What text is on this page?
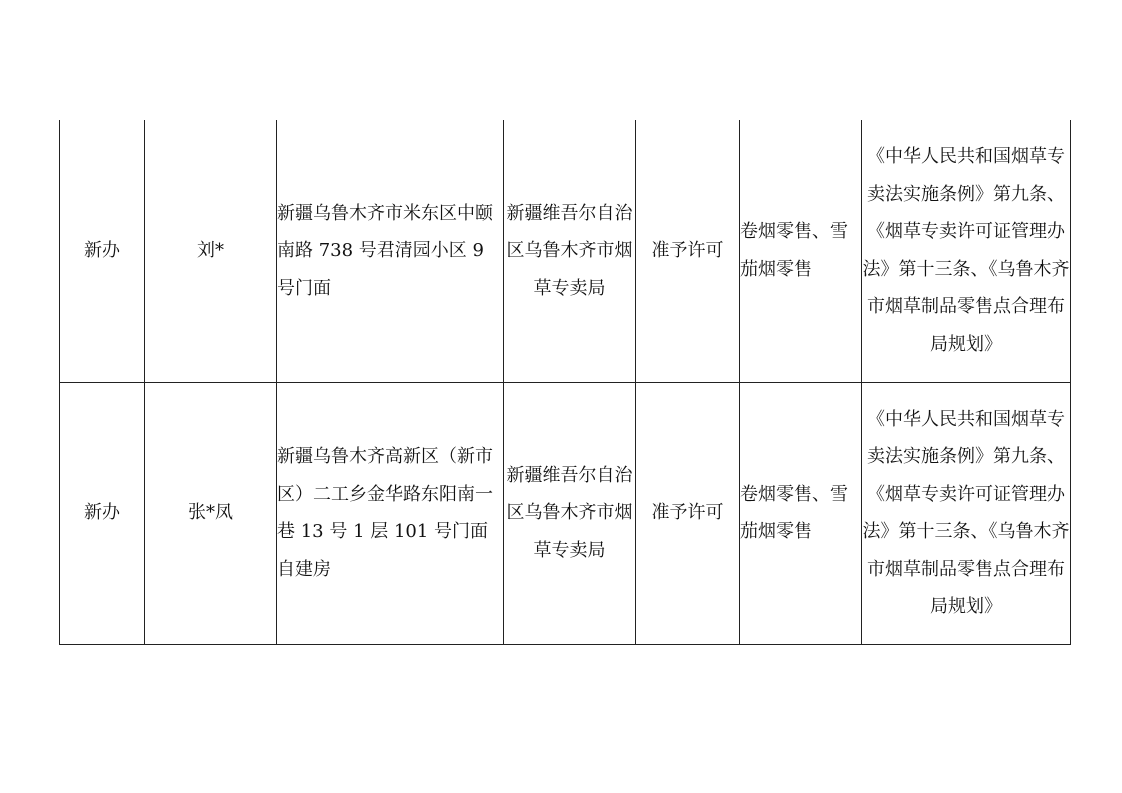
新办	刘*	新疆乌鲁木齐市米东区中颐南路 738 号君清园小区 9 号门面	新疆维吾尔自治区乌鲁木齐市烟草专卖局	准予许可	卷烟零售、雪茄烟零售	《中华人民共和国烟草专卖法实施条例》第九条、《烟草专卖许可证管理办法》第十三条、《乌鲁木齐市烟草制品零售点合理布局规划》
新办	张*凤	新疆乌鲁木齐高新区（新市区）二工乡金华路东阳南一巷 13 号 1 层 101 号门面 自建房	新疆维吾尔自治区乌鲁木齐市烟草专卖局	准予许可	卷烟零售、雪茄烟零售	《中华人民共和国烟草专卖法实施条例》第九条、《烟草专卖许可证管理办法》第十三条、《乌鲁木齐市烟草制品零售点合理布局规划》
